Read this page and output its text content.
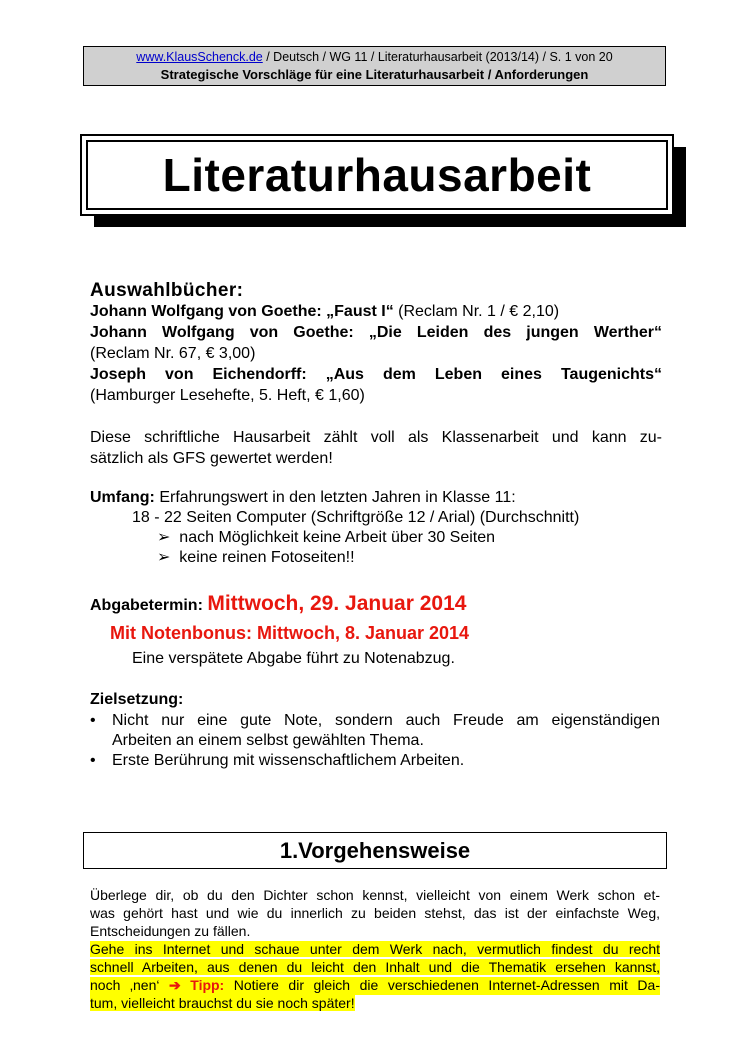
www.KlausSchenck.de / Deutsch / WG 11 / Literaturhausarbeit (2013/14) / S. 1 von 20
Strategische Vorschläge für eine Literaturhausarbeit / Anforderungen
Literaturhausarbeit
Auswahlbücher:
Johann Wolfgang von Goethe: „Faust I“ (Reclam Nr. 1 / € 2,10)
Johann Wolfgang von Goethe: „Die Leiden des jungen Werther“
(Reclam Nr. 67, € 3,00)
Joseph von Eichendorff: „Aus dem Leben eines Taugenichts“
(Hamburger Lesehefte, 5. Heft, € 1,60)
Diese schriftliche Hausarbeit zählt voll als Klassenarbeit und kann zu-
sätzlich als GFS gewertet werden!
Umfang: Erfahrungswert in den letzten Jahren in Klasse 11:
18 - 22 Seiten Computer (Schriftgröße 12 / Arial) (Durchschnitt)
➢ nach Möglichkeit keine Arbeit über 30 Seiten
➢ keine reinen Fotoseiten!!
Abgabetermin: Mittwoch, 29. Januar 2014
Mit Notenbonus: Mittwoch, 8. Januar 2014
Eine verspätete Abgabe führt zu Notenabzug.
Zielsetzung:
• Nicht nur eine gute Note, sondern auch Freude am eigenständigen
Arbeiten an einem selbst gewählten Thema.
• Erste Berührung mit wissenschaftlichem Arbeiten.
1.Vorgehensweise
Überlege dir, ob du den Dichter schon kennst, vielleicht von einem Werk schon et-
was gehört hast und wie du innerlich zu beiden stehst, das ist der einfachste Weg,
Entscheidungen zu fällen.
Gehe ins Internet und schaue unter dem Werk nach, vermutlich findest du recht
schnell Arbeiten, aus denen du leicht den Inhalt und die Thematik ersehen kannst,
noch ‚nen‘ ➔ Tipp: Notiere dir gleich die verschiedenen Internet-Adressen mit Da-
tum, vielleicht brauchst du sie noch später!
